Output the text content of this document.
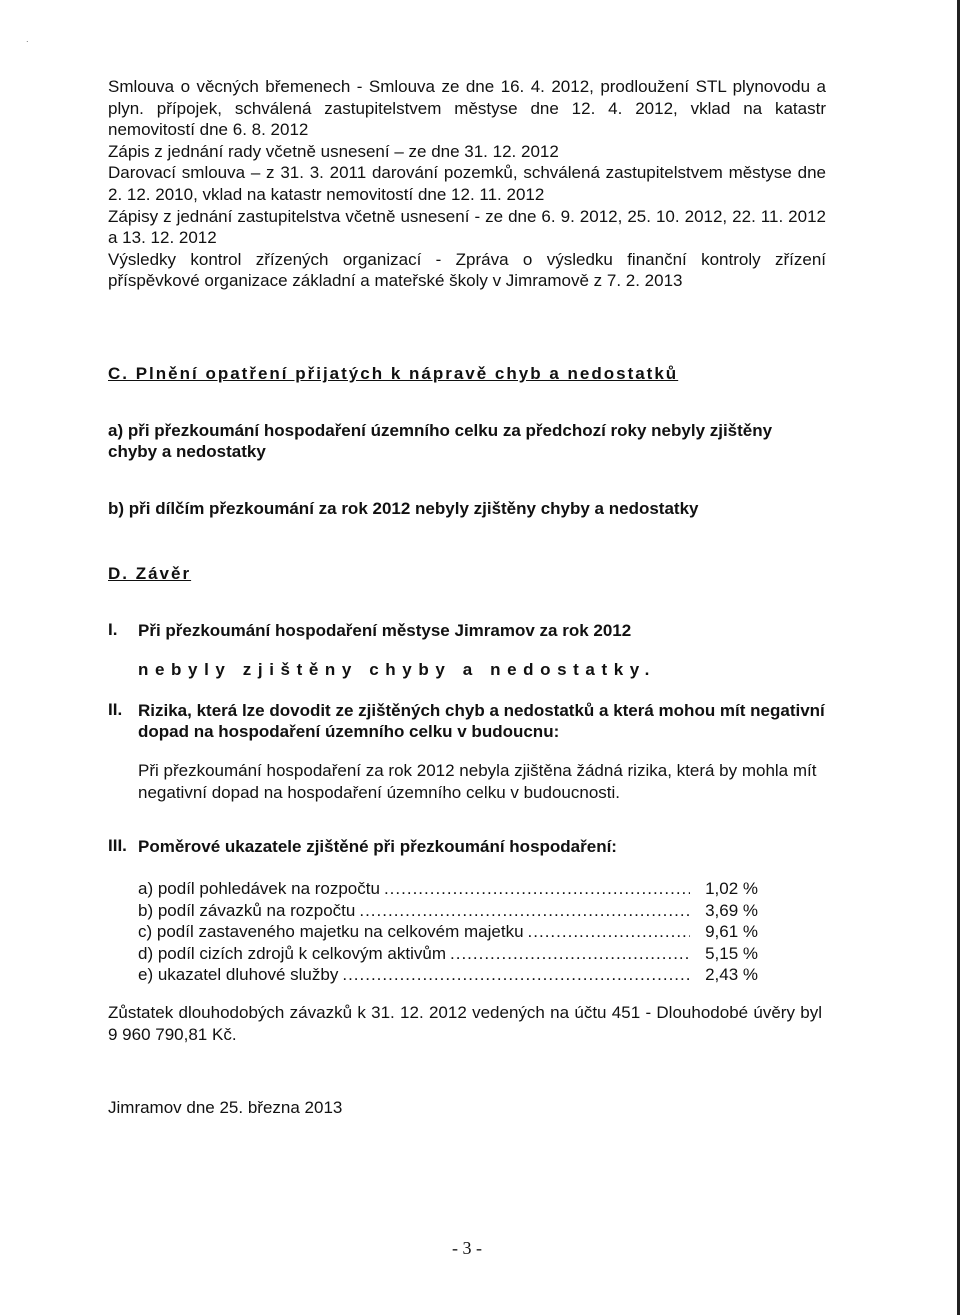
˙

Smlouva o věcných břemenech - Smlouva ze dne 16. 4. 2012, prodloužení STL plynovodu a plyn. přípojek, schválená zastupitelstvem městyse dne 12. 4. 2012, vklad na katastr nemovitostí dne 6. 8. 2012

Zápis z jednání rady včetně usnesení – ze dne 31. 12. 2012

Darovací smlouva – z 31. 3. 2011 darování pozemků, schválená zastupitelstvem městyse dne 2. 12. 2010, vklad na katastr nemovitostí dne 12. 11. 2012

Zápisy z jednání zastupitelstva včetně usnesení - ze dne 6. 9. 2012, 25. 10. 2012, 22. 11. 2012 a 13. 12. 2012

Výsledky kontrol zřízených organizací - Zpráva o výsledku finanční kontroly zřízení příspěvkové organizace základní a mateřské školy v Jimramově z 7. 2. 2013

C. Plnění opatření přijatých k nápravě chyb a nedostatků
a) při přezkoumání hospodaření územního celku za předchozí roky nebyly zjištěny chyby a nedostatky
b) při dílčím přezkoumání za rok 2012 nebyly zjištěny chyby a nedostatky
D. Závěr
I. Při přezkoumání hospodaření městyse Jimramov za rok 2012
nebyly zjištěny chyby a nedostatky.
II. Rizika, která lze dovodit ze zjištěných chyb a nedostatků a která mohou mít negativní dopad na hospodaření územního celku v budoucnu:
Při přezkoumání hospodaření za rok 2012 nebyla zjištěna žádná rizika, která by mohla mít negativní dopad na hospodaření územního celku v budoucnosti.
III. Poměrové ukazatele zjištěné při přezkoumání hospodaření:
a) podíl pohledávek na rozpočtu .....	1,02 %
b) podíl závazků na rozpočtu .....	3,69 %
c) podíl zastaveného majetku na celkovém majetku .....	9,61 %
d) podíl cizích zdrojů k celkovým aktivům .....	5,15 %
e) ukazatel dluhové služby .....	2,43 %
Zůstatek dlouhodobých závazků k 31. 12. 2012 vedených na účtu 451 - Dlouhodobé úvěry byl 9 960 790,81 Kč.
Jimramov dne 25. března 2013
- 3 -
